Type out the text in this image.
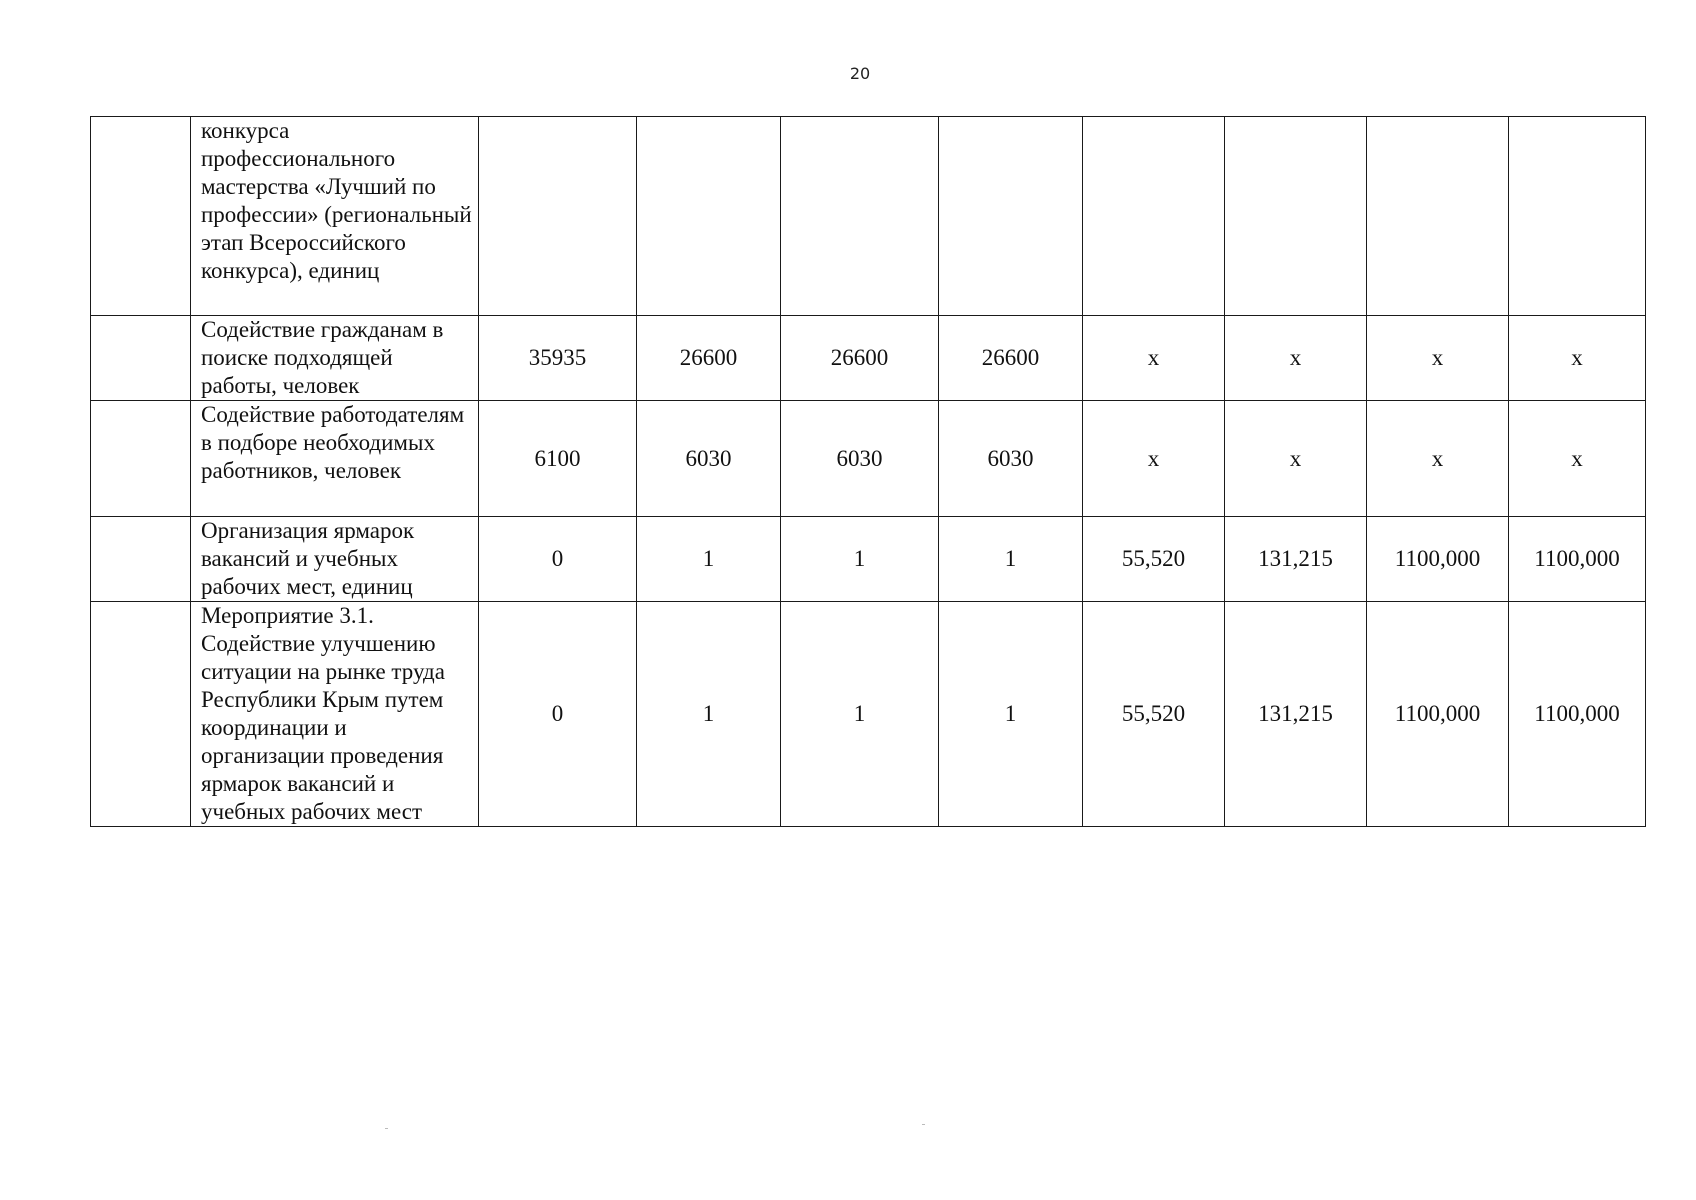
20
	конкурса профессионального мастерства «Лучший по профессии» (региональный этап Всероссийского конкурса), единиц								
	Содействие гражданам в поиске подходящей работы, человек	35935	26600	26600	26600	x	x	x	x
	Содействие работодателям в подборе необходимых работников, человек	6100	6030	6030	6030	x	x	x	x
	Организация ярмарок вакансий и учебных рабочих мест, единиц	0	1	1	1	55,520	131,215	1100,000	1100,000
	Мероприятие 3.1. Содействие улучшению ситуации на рынке труда Республики Крым путем координации и организации проведения ярмарок вакансий и учебных рабочих мест	0	1	1	1	55,520	131,215	1100,000	1100,000
